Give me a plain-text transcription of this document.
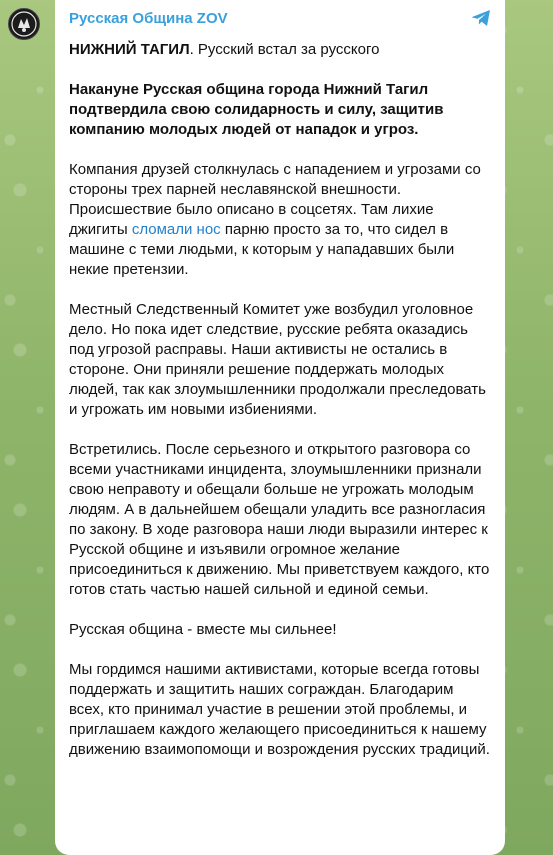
Русская Община ZOV
НИЖНИЙ ТАГИЛ. Русский встал за русского
Накануне Русская община города Нижний Тагил подтвердила свою солидарность и силу, защитив компанию молодых людей от нападок и угроз.
Компания друзей столкнулась с нападением и угрозами со стороны трех парней неславянской внешности. Происшествие было описано в соцсетях. Там лихие джигиты сломали нос парню просто за то, что сидел в машине с теми людьми, к которым у нападавших были некие претензии.
Местный Следственный Комитет уже возбудил уголовное дело. Но пока идет следствие, русские ребята оказадись под угрозой расправы. Наши активисты не остались в стороне. Они приняли решение поддержать молодых людей, так как злоумышленники продолжали преследовать и угрожать им новыми избиениями.
Встретились. После серьезного и открытого разговора со всеми участниками инцидента, злоумышленники признали свою неправоту и обещали больше не угрожать молодым людям. А в дальнейшем обещали уладить все разногласия по закону. В ходе разговора наши люди выразили интерес к Русской общине и изъявили огромное желание присоединиться к движению. Мы приветствуем каждого, кто готов стать частью нашей сильной и единой семьи.
Русская община - вместе мы сильнее!
Мы гордимся нашими активистами, которые всегда готовы поддержать и защитить наших сограждан. Благодарим всех, кто принимал участие в решении этой проблемы, и приглашаем каждого желающего присоединиться к нашему движению взаимопомощи и возрождения русских традиций.
